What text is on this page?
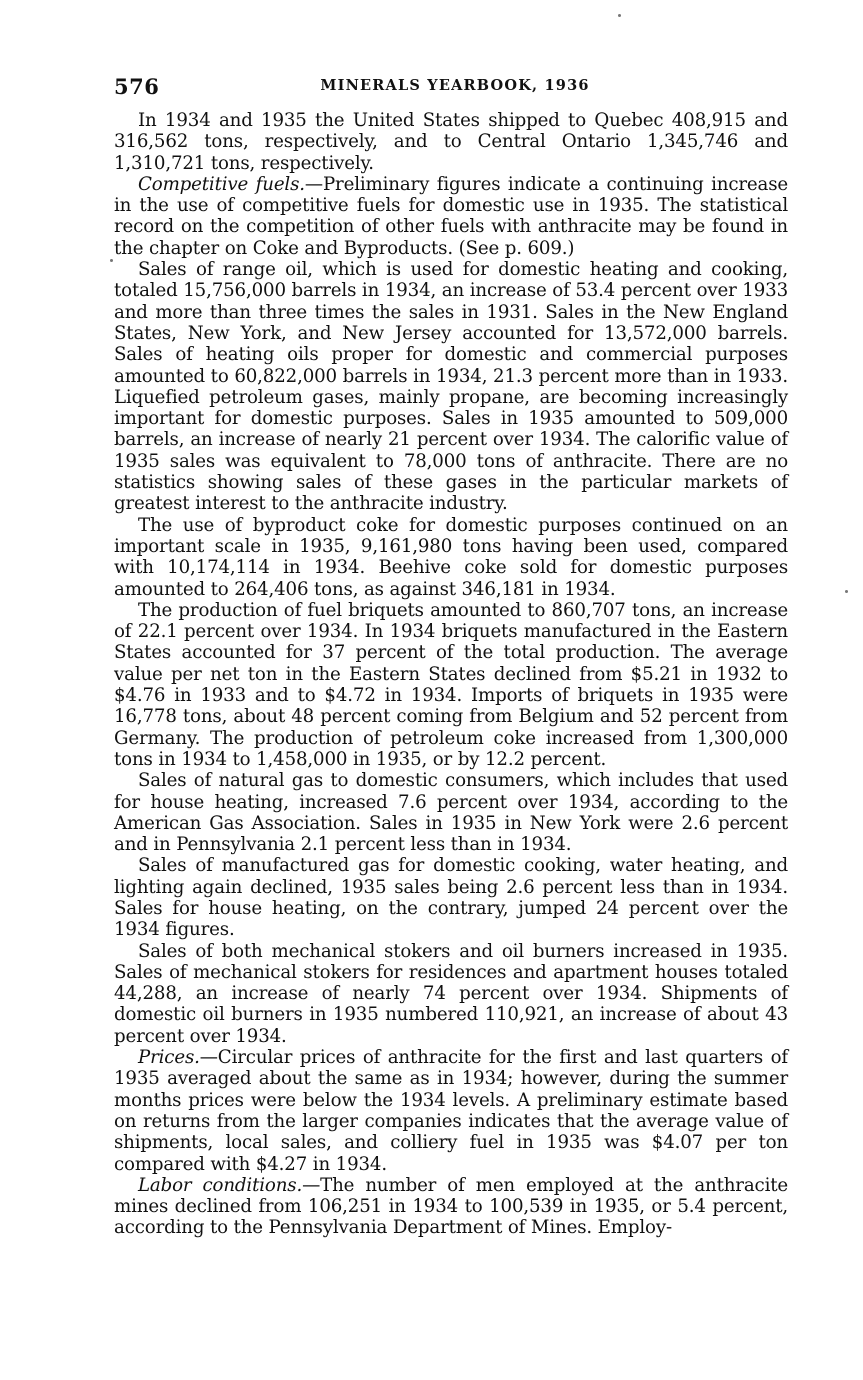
576	MINERALS YEARBOOK, 1936

In 1934 and 1935 the United States shipped to Quebec 408,915 and 316,562 tons, respectively, and to Central Ontario 1,345,746 and 1,310,721 tons, respectively.

Competitive fuels.—Preliminary figures indicate a continuing increase in the use of competitive fuels for domestic use in 1935. The statistical record on the competition of other fuels with anthracite may be found in the chapter on Coke and Byproducts. (See p. 609.)

Sales of range oil, which is used for domestic heating and cooking, totaled 15,756,000 barrels in 1934, an increase of 53.4 percent over 1933 and more than three times the sales in 1931. Sales in the New England States, New York, and New Jersey accounted for 13,572,000 barrels. Sales of heating oils proper for domestic and commercial purposes amounted to 60,822,000 barrels in 1934, 21.3 percent more than in 1933. Liquefied petroleum gases, mainly propane, are becoming increasingly important for domestic purposes. Sales in 1935 amounted to 509,000 barrels, an increase of nearly 21 percent over 1934. The calorific value of 1935 sales was equivalent to 78,000 tons of anthracite. There are no statistics showing sales of these gases in the particular markets of greatest interest to the anthracite industry.

The use of byproduct coke for domestic purposes continued on an important scale in 1935, 9,161,980 tons having been used, compared with 10,174,114 in 1934. Beehive coke sold for domestic purposes amounted to 264,406 tons, as against 346,181 in 1934.

The production of fuel briquets amounted to 860,707 tons, an increase of 22.1 percent over 1934. In 1934 briquets manufactured in the Eastern States accounted for 37 percent of the total production. The average value per net ton in the Eastern States declined from $5.21 in 1932 to $4.76 in 1933 and to $4.72 in 1934. Imports of briquets in 1935 were 16,778 tons, about 48 percent coming from Belgium and 52 percent from Germany. The production of petroleum coke increased from 1,300,000 tons in 1934 to 1,458,000 in 1935, or by 12.2 percent.

Sales of natural gas to domestic consumers, which includes that used for house heating, increased 7.6 percent over 1934, according to the American Gas Association. Sales in 1935 in New York were 2.6 percent and in Pennsylvania 2.1 percent less than in 1934.

Sales of manufactured gas for domestic cooking, water heating, and lighting again declined, 1935 sales being 2.6 percent less than in 1934. Sales for house heating, on the contrary, jumped 24 percent over the 1934 figures.

Sales of both mechanical stokers and oil burners increased in 1935. Sales of mechanical stokers for residences and apartment houses totaled 44,288, an increase of nearly 74 percent over 1934. Shipments of domestic oil burners in 1935 numbered 110,921, an increase of about 43 percent over 1934.

Prices.—Circular prices of anthracite for the first and last quarters of 1935 averaged about the same as in 1934; however, during the summer months prices were below the 1934 levels. A preliminary estimate based on returns from the larger companies indicates that the average value of shipments, local sales, and colliery fuel in 1935 was $4.07 per ton compared with $4.27 in 1934.

Labor conditions.—The number of men employed at the anthracite mines declined from 106,251 in 1934 to 100,539 in 1935, or 5.4 percent, according to the Pennsylvania Department of Mines. Employ-
